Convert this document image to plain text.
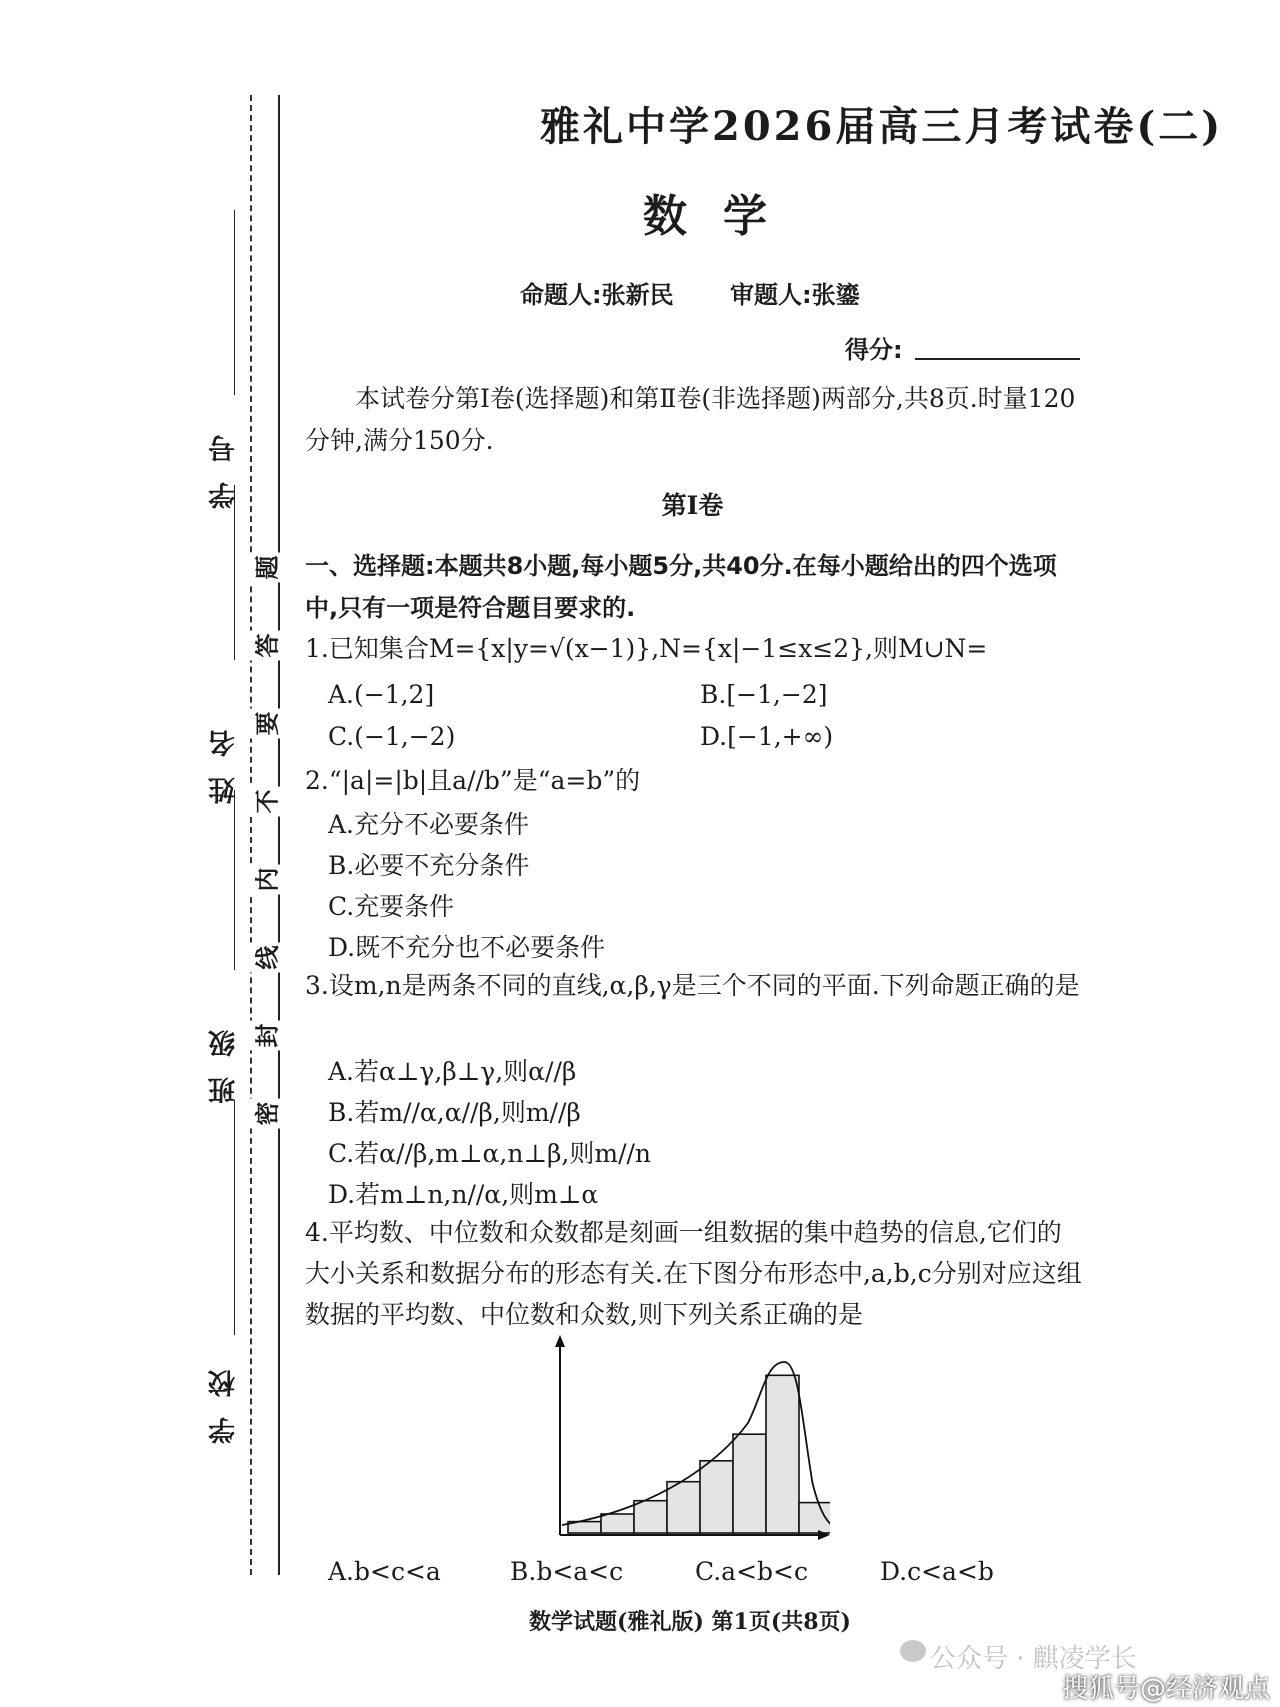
学号
姓名
班级
学校
题
答
要
不
内
线
封
密
雅礼中学2026届高三月考试卷(二)
数学
命题人:张新民 审题人:张鎏
得分:
本试卷分第Ⅰ卷(选择题)和第Ⅱ卷(非选择题)两部分,共8页.时量120分钟,满分150分.
第Ⅰ卷
一、选择题:本题共8小题,每小题5分,共40分.在每小题给出的四个选项中,只有一项是符合题目要求的.
1.已知集合M={x|y=√(x−1)},N={x|−1≤x≤2},则M∪N=
A.(−1,2]	B.[−1,−2]
C.(−1,−2)	D.[−1,+∞)
2.“|a|=|b|且a//b”是“a=b”的
A.充分不必要条件
B.必要不充分条件
C.充要条件
D.既不充分也不必要条件
3.设m,n是两条不同的直线,α,β,γ是三个不同的平面.下列命题正确的是
A.若α⊥γ,β⊥γ,则α//β
B.若m//α,α//β,则m//β
C.若α//β,m⊥α,n⊥β,则m//n
D.若m⊥n,n//α,则m⊥α
4.平均数、中位数和众数都是刻画一组数据的集中趋势的信息,它们的大小关系和数据分布的形态有关.在下图分布形态中,a,b,c分别对应这组数据的平均数、中位数和众数,则下列关系正确的是
A.b<c<a	B.b<a<c	C.a<b<c	D.c<a<b
数学试题(雅礼版) 第1页(共8页)
公众号 · 麒凌学长
搜狐号@经济观点
